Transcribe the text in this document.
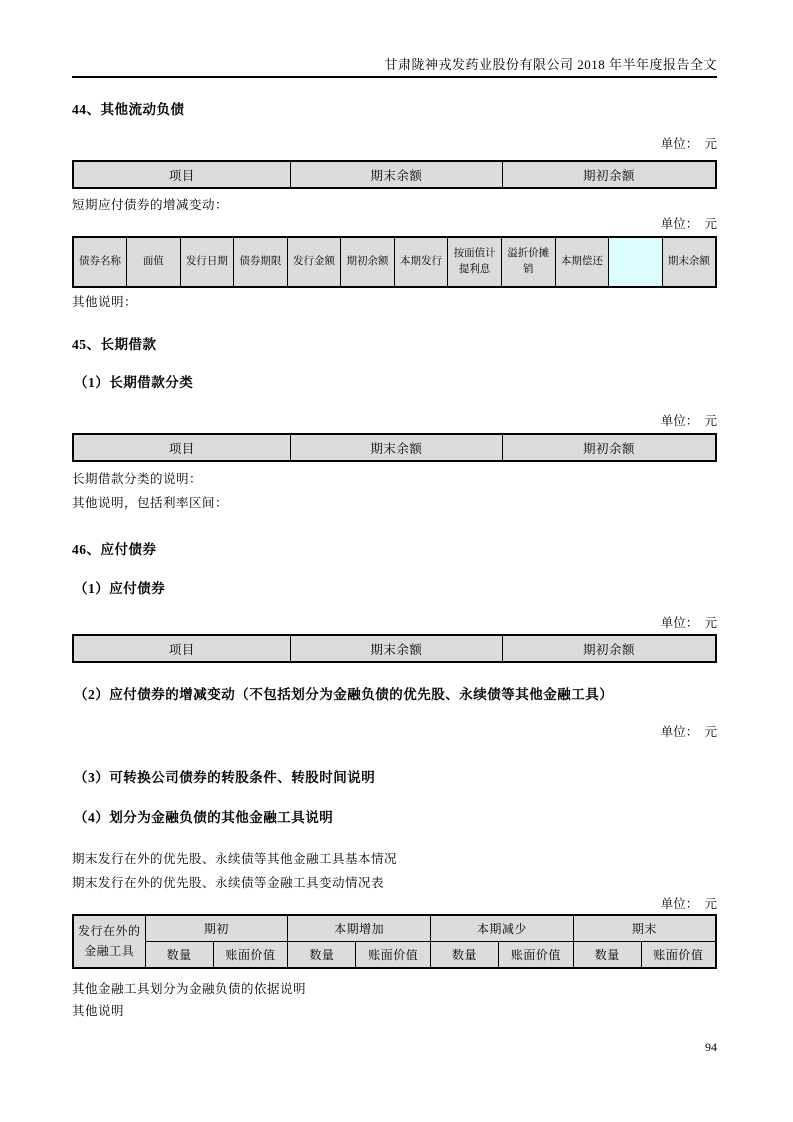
甘肃陇神戎发药业股份有限公司 2018 年半年度报告全文
44、其他流动负债
单位：　元
项目	期末余额	期初余额
短期应付债券的增减变动：
单位：　元
债券名称	面值	发行日期	债券期限	发行金额	期初余额	本期发行	按面值计提利息	溢折价摊销	本期偿还		期末余额
其他说明：
45、长期借款
（1）长期借款分类
单位：　元
项目	期末余额	期初余额
长期借款分类的说明：
其他说明，包括利率区间：
46、应付债券
（1）应付债券
单位：　元
项目	期末余额	期初余额
（2）应付债券的增减变动（不包括划分为金融负债的优先股、永续债等其他金融工具）
单位：　元
（3）可转换公司债券的转股条件、转股时间说明
（4）划分为金融负债的其他金融工具说明
期末发行在外的优先股、永续债等其他金融工具基本情况
期末发行在外的优先股、永续债等金融工具变动情况表
单位：　元
发行在外的
金融工具	期初		本期增加		本期减少		期末	
	数量	账面价值	数量	账面价值	数量	账面价值	数量	账面价值
其他金融工具划分为金融负债的依据说明
其他说明
94
